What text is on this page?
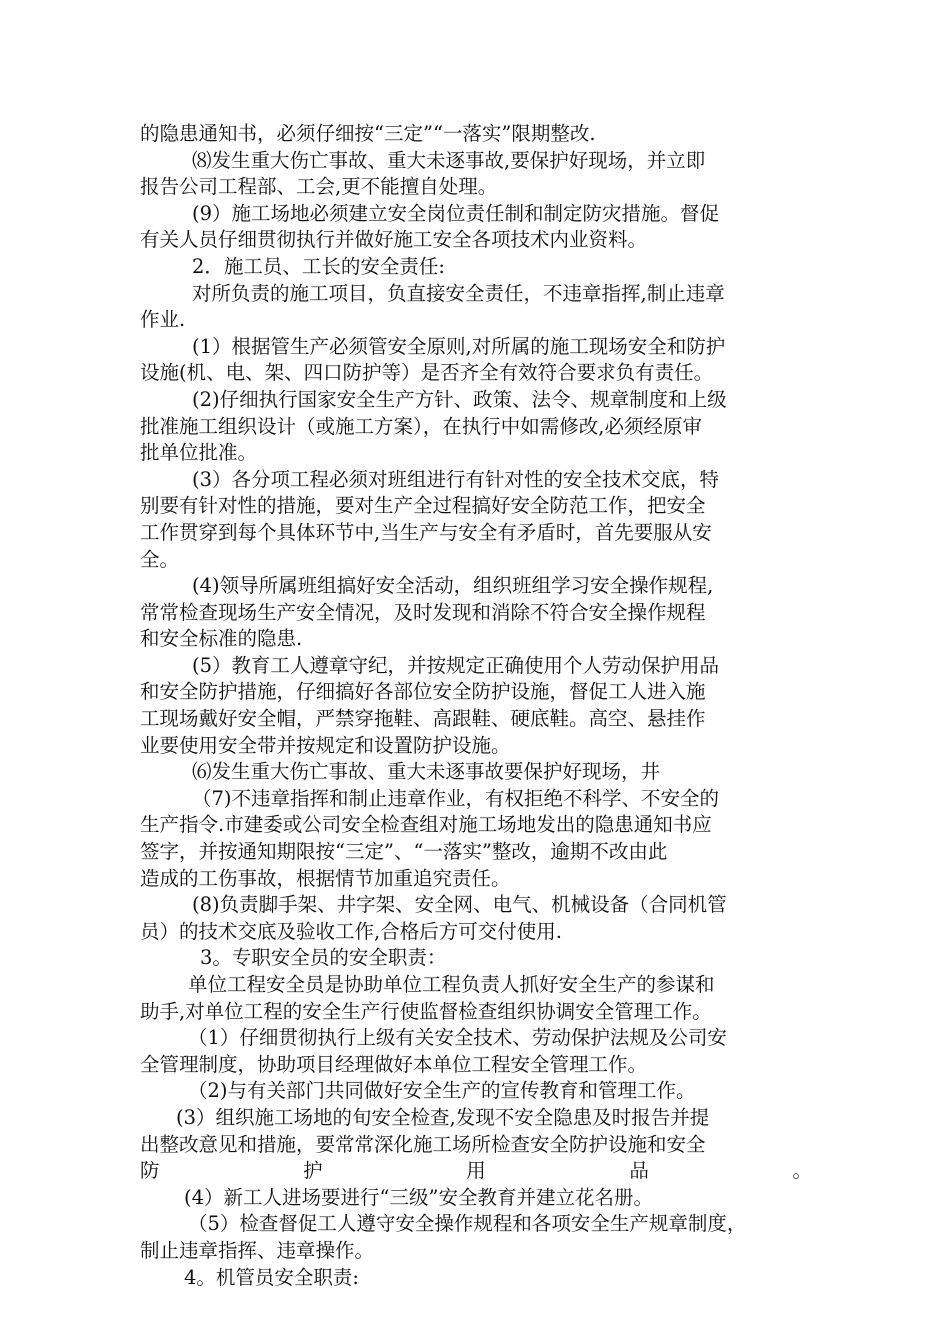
的隐患通知书，必须仔细按“三定”“一落实”限期整改.
⑻发生重大伤亡事故、重大未逐事故,要保护好现场，并立即
报告公司工程部、工会,更不能擅自处理。
(9）施工场地必须建立安全岗位责任制和制定防灾措施。督促
有关人员仔细贯彻执行并做好施工安全各项技术内业资料。
2．施工员、工长的安全责任:
对所负责的施工项目，负直接安全责任，不违章指挥,制止违章
作业.
(1）根据管生产必须管安全原则,对所属的施工现场安全和防护
设施(机、电、架、四口防护等）是否齐全有效符合要求负有责任。
(2)仔细执行国家安全生产方针、政策、法令、规章制度和上级
批准施工组织设计（或施工方案），在执行中如需修改,必须经原审
批单位批准。
(3）各分项工程必须对班组进行有针对性的安全技术交底，特
别要有针对性的措施，要对生产全过程搞好安全防范工作，把安全
工作贯穿到每个具体环节中,当生产与安全有矛盾时，首先要服从安
全。
(4)领导所属班组搞好安全活动，组织班组学习安全操作规程,
常常检查现场生产安全情况，及时发现和消除不符合安全操作规程
和安全标准的隐患.
(5）教育工人遵章守纪，并按规定正确使用个人劳动保护用品
和安全防护措施，仔细搞好各部位安全防护设施，督促工人进入施
工现场戴好安全帽，严禁穿拖鞋、高跟鞋、硬底鞋。高空、悬挂作
业要使用安全带并按规定和设置防护设施。
⑹发生重大伤亡事故、重大未逐事故要保护好现场，井
（7)不违章指挥和制止违章作业，有权拒绝不科学、不安全的
生产指令.市建委或公司安全检查组对施工场地发出的隐患通知书应
签字，并按通知期限按“三定”、“一落实”整改，逾期不改由此
造成的工伤事故，根据情节加重追究责任。
(8)负责脚手架、井字架、安全网、电气、机械设备（合同机管
员）的技术交底及验收工作,合格后方可交付使用.
3。专职安全员的安全职责：
单位工程安全员是协助单位工程负责人抓好安全生产的参谋和
助手,对单位工程的安全生产行使监督检查组织协调安全管理工作。
（1）仔细贯彻执行上级有关安全技术、劳动保护法规及公司安
全管理制度，协助项目经理做好本单位工程安全管理工作。
（2)与有关部门共同做好安全生产的宣传教育和管理工作。
(3）组织施工场地的旬安全检查,发现不安全隐患及时报告并提
出整改意见和措施，要常常深化施工场所检查安全防护设施和安全
防	护	用	品	。
(4）新工人进场要进行“三级”安全教育并建立花名册。
（5）检查督促工人遵守安全操作规程和各项安全生产规章制度，
制止违章指挥、违章操作。
4。机管员安全职责:
